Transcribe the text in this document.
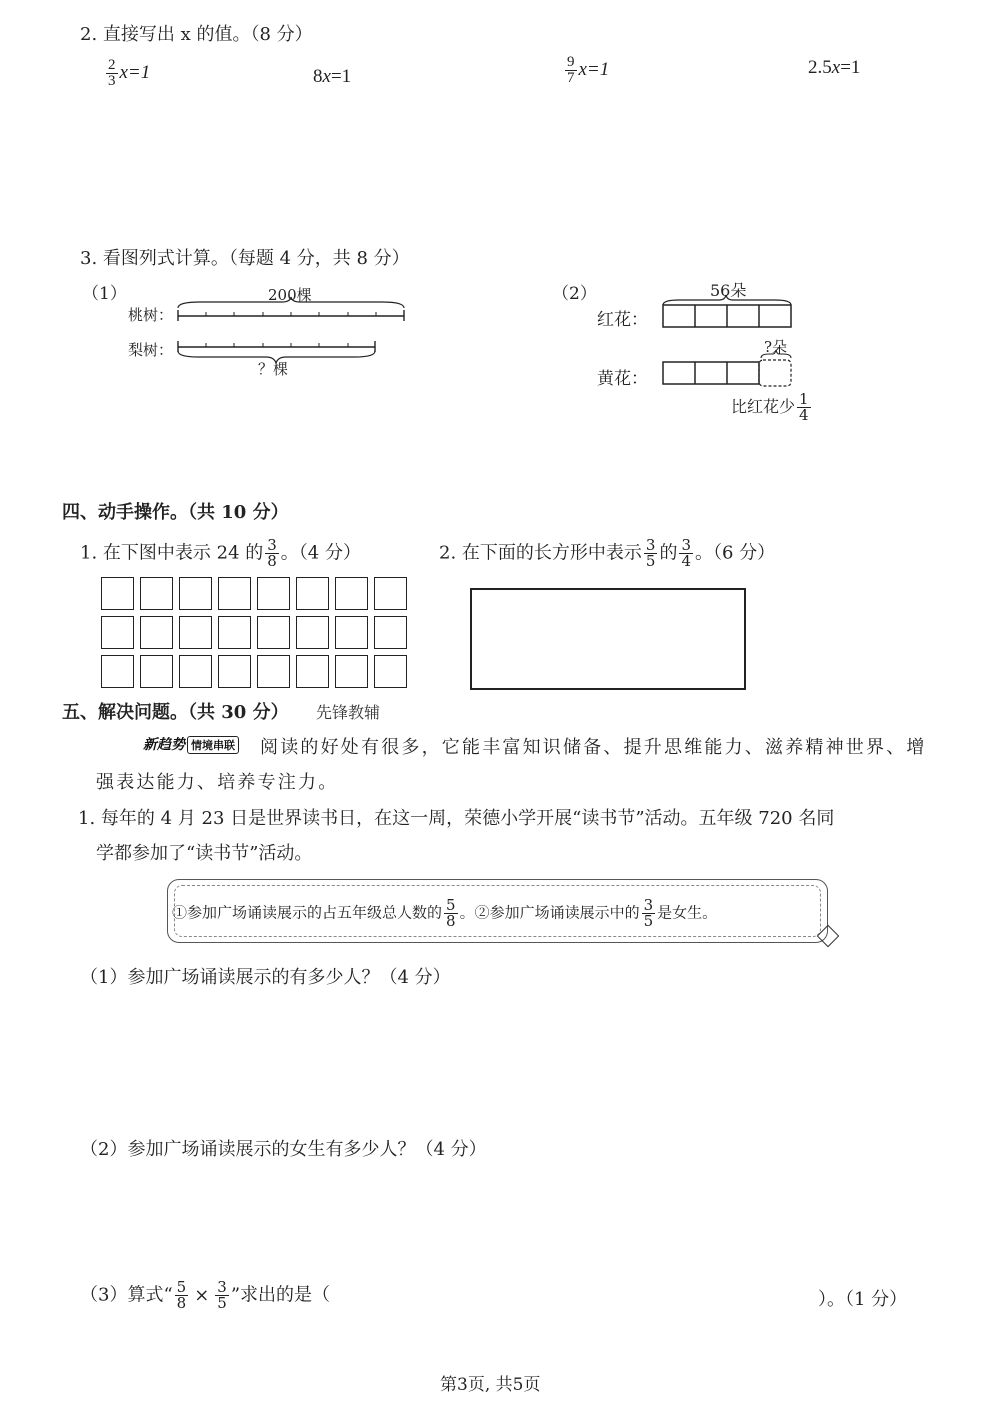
2. 直接写出 x 的值。（8 分）
$\frac{2}{3} x=1$	8x=1	$\frac{9}{7} x=1$	2.5x=1
3. 看图列式计算。（每题 4 分，共 8 分）
（1）	200棵
桃树：
梨树：
？棵
（2）	56朵
红花：
黄花：
?朵
比红花少 $\frac{1}{4}$
四、动手操作。（共 10 分）
1. 在下图中表示 24 的 $\frac{3}{8}$ 。（4 分）	2. 在下面的长方形中表示 $\frac{3}{5}$ 的 $\frac{3}{4}$ 。（6 分）
五、解决问题。（共 30 分） 先锋教辅
新趋势 情境串联 阅读的好处有很多，它能丰富知识储备、提升思维能力、滋养精神世界、增
强表达能力、培养专注力。
1. 每年的 4 月 23 日是世界读书日，在这一周，荣德小学开展“读书节”活动。五年级 720 名同
学都参加了“读书节”活动。
①参加广场诵读展示的占五年级总人数的 $\frac{5}{8}$ 。②参加广场诵读展示中的 $\frac{3}{5}$ 是女生。
（1）参加广场诵读展示的有多少人？（4 分）
（2）参加广场诵读展示的女生有多少人？（4 分）
（3）算式“ $\frac{5}{8} \times \frac{3}{5}$ ”求出的是（	）。（1 分）
第3页, 共5页
